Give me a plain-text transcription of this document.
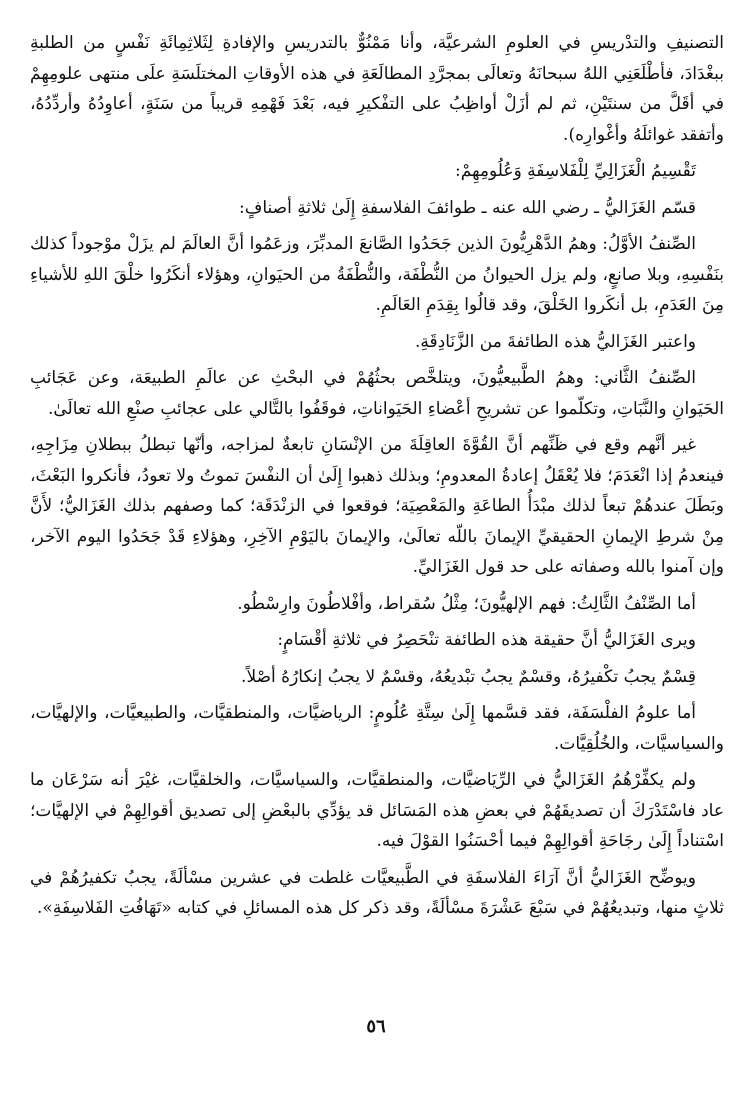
التصنيفِ والتدْريسِ في العلومِ الشرعيَّة، وأنا مَمْنُوٌّ بالتدريسِ والإفادةِ لِثَلاثِمِائَةِ نَفْسٍ من الطلبةِ ببغْدَادَ، فأطْلَعَنِي اللهُ سبحانَهُ وتعالَى بمجرَّدِ المطالَعَةِ في هذه الأوقاتِ المختلَسَةِ علَى منتهى علومِهِمْ في أقَلَّ من سنتَيْنِ، ثم لم أزَلْ أواظِبُ على التفْكيرِ فيه، بَعْدَ فَهْمِهِ قريباً من سَنَةٍ، أعاوِدُهُ وأردِّدُهُ، وأتفقد غوائلَهُ وأغْوارِه).

تَقْسِيمُ الْغَزَالِيِّ لِلْفَلاسِفَةِ وَعُلُومِهِمْ:

قسّم الغَزَاليُّ ـ رضي الله عنه ـ طوائفَ الفلاسفةِ إِلَىٰ ثلاثةِ أصنافٍ:

الصِّنفُ الأوَّلُ: وهمُ الدَّهْرِيُّونَ الذين جَحَدُوا الصَّانعَ المدبِّرَ، وزعَمُوا أنَّ العالَمَ لم يزَلْ موْجوداً كذلك بنَفْسِهِ، وبلا صانعٍ، ولم يزل الحيوانُ من النُّطْفَة، والنُّطْفَةُ من الحيَوانِ، وهؤلاء أنكَرُوا خلْقَ اللهِ للأشياءِ مِنَ العَدَمِ، بل أنكَروا الخَلْقَ، وقد قالُوا بِقِدَمِ العَالَمِ.

واعتبر الغَزَاليُّ هذه الطائفةَ من الزَّنَادِقَةِ.

الصِّنفُ الثَّاني: وهمُ الطَّبيعيُّونَ، ويتلخَّص بحثُهُمْ في البحْثِ عن عالَمِ الطبيعَة، وعن عَجَائبِ الحَيَوانِ والنَّبَاتِ، وتكلّموا عن تشريحِ أعْضاءِ الحَيَواناتِ، فوقَفُوا بالتَّالي على عجائبِ صنْعِ الله تعالَىٰ.

غير أنَّهم وقع في ظَنِّهم أنَّ القُوَّةَ العاقِلَةَ من الإنْسَانِ تابعةٌ لمزاجه، وأنّها تبطلُ ببطلانِ مِزَاجِهِ، فينعدمُ إذا انْعَدَمَ؛ فلا يُعْقَلُ إعادةُ المعدومِ؛ وبذلك ذهبوا إِلَىٰ أن النفْسَ تموتُ ولا تعودُ، فأنكروا البَعْثَ، وبَطَلَ عندهُمْ تبعاً لذلك مبْدَأُ الطاعَةِ والمَعْصِيَة؛ فوقعوا في الزنْدَقَة؛ كما وصفهم بذلك الغَزَاليُّ؛ لأَنَّ مِنْ شرطِ الإيمانِ الحقيقيِّ الإيمانَ باللّه تعالَىٰ، والإيمانَ باليَوْمِ الآخِرِ، وهؤلاءِ قَدْ جَحَدُوا اليوم الآخر، وإن آمنوا بالله وصفاته على حد قول الغَزَاليِّ.

أما الصِّنْفُ الثَّالِثُ: فهم الإلهيُّونَ؛ مِثْلُ سُقراط، وأفْلاطُونَ وارِسْطُو.

ويرى الغَزَاليُّ أنَّ حقيقة هذه الطائفة تنْحَصِرُ في ثلاثةِ أقْسَامٍ:

قِسْمٌ يجبُ تكْفيرُهُ، وقسْمٌ يجبُ تبْديعُهُ، وقسْمٌ لا يجبُ إنكارُهُ أصْلاً.

أما علومُ الفلْسَفَة، فقد قسَّمها إِلَىٰ سِتَّةِ عُلُومٍ: الرياضيَّات، والمنطقيَّات، والطبيعيَّات، والإلهيَّات، والسياسيَّات، والخُلُقِيَّات.

ولم يكفِّرْهُمُ الغَزَاليُّ في الرِّيَاضيَّات، والمنطقيَّات، والسياسيَّات، والخلقيَّات، غيْرَ أنه سَرْعَان ما عاد فاسْتَدْرَكَ أن تصديقَهُمْ في بعضِ هذه المَسَائل قد يؤدِّي بالبعْضِ إلى تصديق أقوالِهِمْ في الإلهيَّات؛ اسْتناداً إِلَىٰ رجَاحَةِ أقوالِهِمْ فيما أحْسَنُوا القوْلَ فيه.

ويوضِّح الغَزَاليُّ أنَّ آرَاءَ الفلاسفَةِ في الطَّبيعيَّات غلطت في عشرين مسْألَةً، يجبُ تكفيرُهُمْ في ثلاثٍ منها، وتبديعُهُمْ في سَبْعَ عَشْرَةَ مسْألَةً، وقد ذكر كل هذه المسائلِ في كتابه «تَهَافُتِ الفَلاسِفَةِ».

٥٦
